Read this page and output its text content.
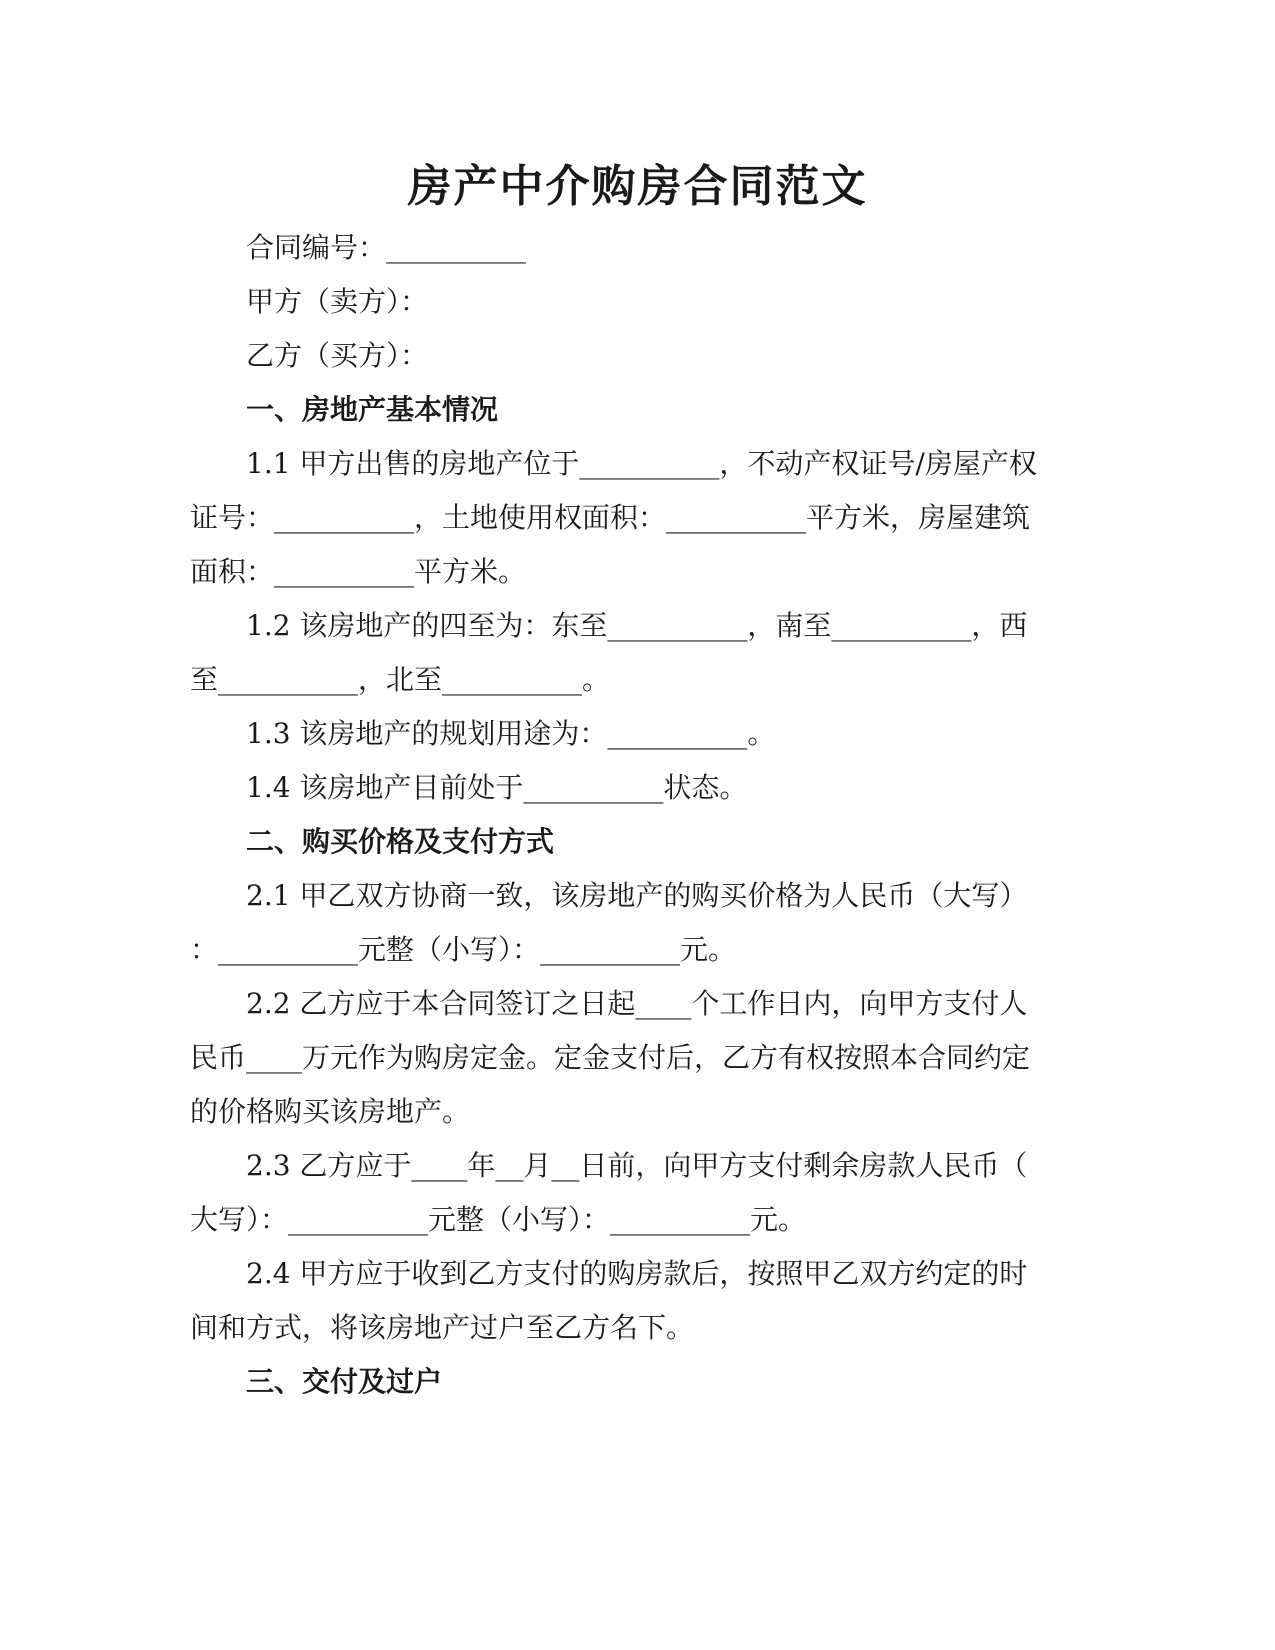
房产中介购房合同范文
合同编号：__________
甲方（卖方）：
乙方（买方）：
一、房地产基本情况
1.1 甲方出售的房地产位于__________，不动产权证号/房屋产权
证号：__________，土地使用权面积：__________平方米，房屋建筑
面积：__________平方米。
1.2 该房地产的四至为：东至__________，南至__________，西
至__________，北至__________。
1.3 该房地产的规划用途为：__________。
1.4 该房地产目前处于__________状态。
二、购买价格及支付方式
2.1 甲乙双方协商一致，该房地产的购买价格为人民币（大写）
：__________元整（小写）：__________元。
2.2 乙方应于本合同签订之日起____个工作日内，向甲方支付人
民币____万元作为购房定金。定金支付后，乙方有权按照本合同约定
的价格购买该房地产。
2.3 乙方应于____年__月__日前，向甲方支付剩余房款人民币（
大写）：__________元整（小写）：__________元。
2.4 甲方应于收到乙方支付的购房款后，按照甲乙双方约定的时
间和方式，将该房地产过户至乙方名下。
三、交付及过户
